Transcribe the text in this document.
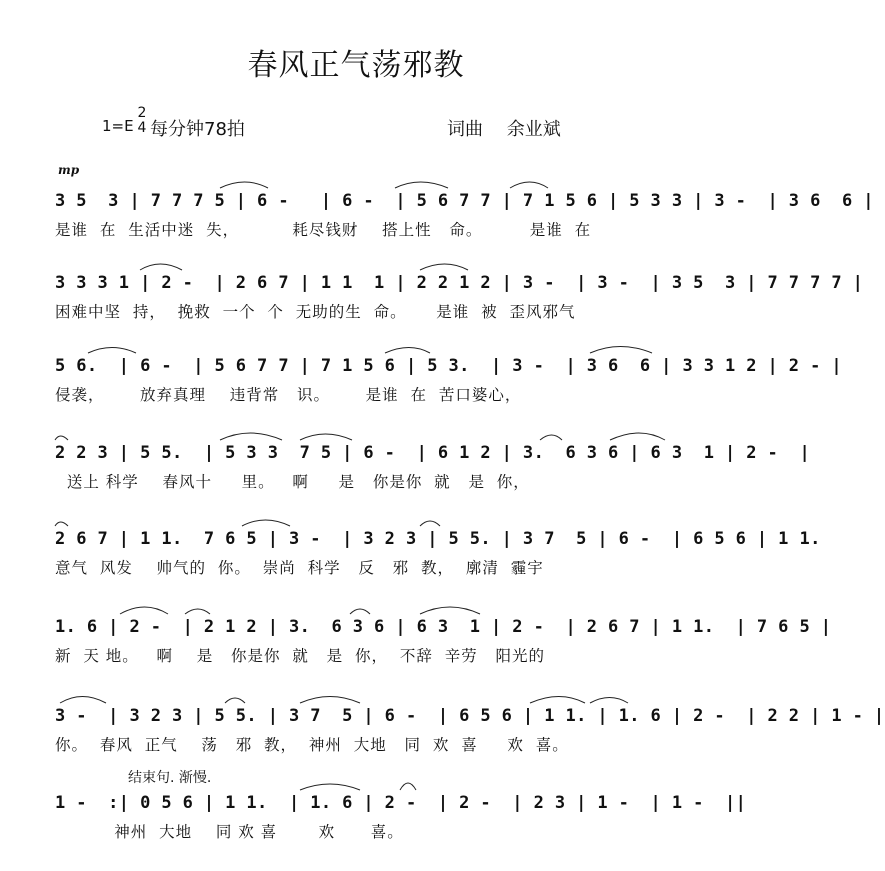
春风正气荡邪教
1=E
2
4 每分钟78拍	词曲 余业斌
mp
结束句. 渐慢.
3 5  3 | 7 7 7 5 | 6 -   | 6 -  | 5 6 7 7 | 7 1 5 6 | 5 3 3 | 3 -  | 3 6  6 |
是谁  在  生活中迷  失，         耗尽钱财    搭上性   命。        是谁  在
3 3 3 1 | 2 -  | 2 6 7 | 1 1  1 | 2 2 1 2 | 3 -  | 3 -  | 3 5  3 | 7 7 7 7 |
困难中坚  持，  挽救  一个  个  无助的生  命。     是谁  被  歪风邪气
5 6.  | 6 -  | 5 6 7 7 | 7 1 5 6 | 5 3.  | 3 -  | 3 6  6 | 3 3 1 2 | 2 - |
侵袭，      放弃真理    违背常   识。      是谁  在  苦口婆心，
2 2 3 | 5 5.  | 5 3 3  7 5 | 6 -  | 6 1 2 | 3.  6 3 6 | 6 3  1 | 2 -  |
送上 科学    春风十     里。   啊     是   你是你  就   是  你，
2 6 7 | 1 1.  7 6 5 | 3 -  | 3 2 3 | 5 5. | 3 7  5 | 6 -  | 6 5 6 | 1 1.
意气  风发    帅气的  你。  崇尚  科学   反   邪  教，  廓清  霾宇
1. 6 | 2 -  | 2 1 2 | 3.  6 3 6 | 6 3  1 | 2 -  | 2 6 7 | 1 1.  | 7 6 5 |
新  天 地。   啊    是   你是你  就   是  你，  不辞  辛劳   阳光的
3 -  | 3 2 3 | 5 5. | 3 7  5 | 6 -  | 6 5 6 | 1 1. | 1. 6 | 2 -  | 2 2 | 1 - |
你。  春风  正气    荡   邪  教，  神州  大地   同  欢  喜     欢  喜。
1 -  :| 0 5 6 | 1 1.  | 1. 6 | 2 -  | 2 -  | 2 3 | 1 -  | 1 -  ||
神州  大地    同 欢 喜       欢      喜。
